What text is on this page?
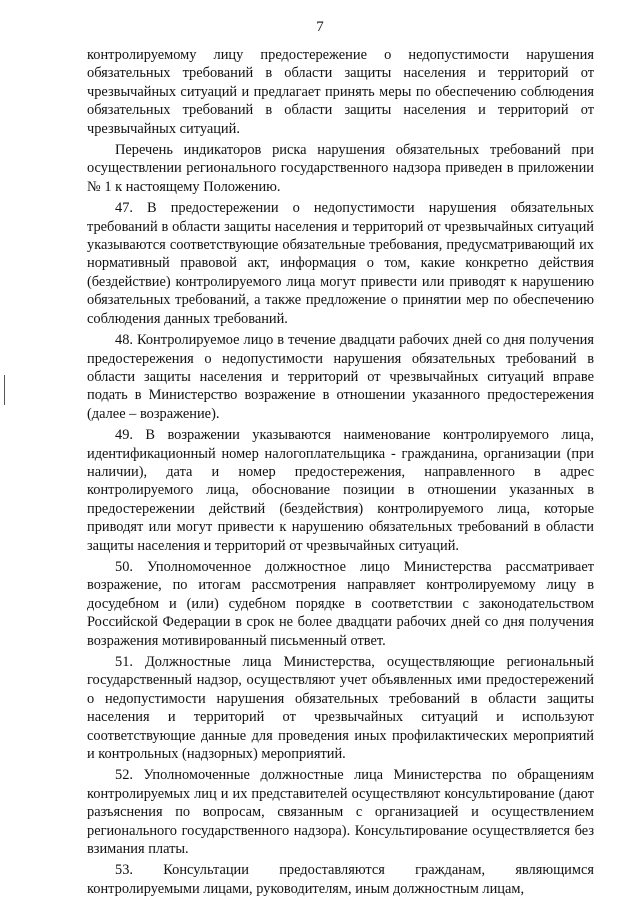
7

контролируемому лицу предостережение о недопустимости нарушения обязательных требований в области защиты населения и территорий от чрезвычайных ситуаций и предлагает принять меры по обеспечению соблюдения обязательных требований в области защиты населения и территорий от чрезвычайных ситуаций.

Перечень индикаторов риска нарушения обязательных требований при осуществлении регионального государственного надзора приведен в приложении № 1 к настоящему Положению.

47. В предостережении о недопустимости нарушения обязательных требований в области защиты населения и территорий от чрезвычайных ситуаций указываются соответствующие обязательные требования, предусматривающий их нормативный правовой акт, информация о том, какие конкретно действия (бездействие) контролируемого лица могут привести или приводят к нарушению обязательных требований, а также предложение о принятии мер по обеспечению соблюдения данных требований.

48. Контролируемое лицо в течение двадцати рабочих дней со дня получения предостережения о недопустимости нарушения обязательных требований в области защиты населения и территорий от чрезвычайных ситуаций вправе подать в Министерство возражение в отношении указанного предостережения (далее – возражение).

49. В возражении указываются наименование контролируемого лица, идентификационный номер налогоплательщика - гражданина, организации (при наличии), дата и номер предостережения, направленного в адрес контролируемого лица, обоснование позиции в отношении указанных в предостережении действий (бездействия) контролируемого лица, которые приводят или могут привести к нарушению обязательных требований в области защиты населения и территорий от чрезвычайных ситуаций.

50. Уполномоченное должностное лицо Министерства рассматривает возражение, по итогам рассмотрения направляет контролируемому лицу в досудебном и (или) судебном порядке в соответствии с законодательством Российской Федерации в срок не более двадцати рабочих дней со дня получения возражения мотивированный письменный ответ.

51. Должностные лица Министерства, осуществляющие региональный государственный надзор, осуществляют учет объявленных ими предостережений о недопустимости нарушения обязательных требований в области защиты населения и территорий от чрезвычайных ситуаций и используют соответствующие данные для проведения иных профилактических мероприятий и контрольных (надзорных) мероприятий.

52. Уполномоченные должностные лица Министерства по обращениям контролируемых лиц и их представителей осуществляют консультирование (дают разъяснения по вопросам, связанным с организацией и осуществлением регионального государственного надзора). Консультирование осуществляется без взимания платы.

53. Консультации предоставляются гражданам, являющимся контролируемыми лицами, руководителям, иным должностным лицам,
